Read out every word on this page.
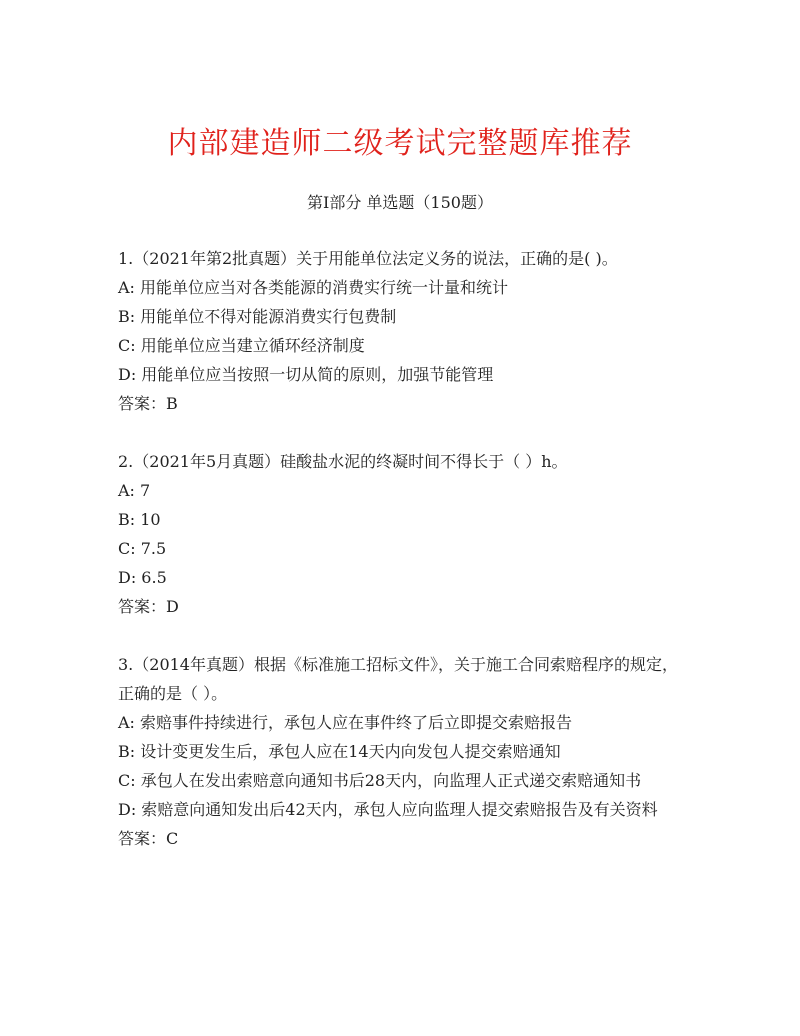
内部建造师二级考试完整题库推荐
第I部分 单选题（150题）

1.（2021年第2批真题）关于用能单位法定义务的说法，正确的是( )。

A: 用能单位应当对各类能源的消费实行统一计量和统计

B: 用能单位不得对能源消费实行包费制

C: 用能单位应当建立循环经济制度

D: 用能单位应当按照一切从简的原则，加强节能管理

答案：B

2.（2021年5月真题）硅酸盐水泥的终凝时间不得长于（ ）h。

A: 7

B: 10

C: 7.5

D: 6.5

答案：D

3.（2014年真题）根据《标准施工招标文件》，关于施工合同索赔程序的规定，正确的是（ ）。

A: 索赔事件持续进行，承包人应在事件终了后立即提交索赔报告

B: 设计变更发生后，承包人应在14天内向发包人提交索赔通知

C: 承包人在发出索赔意向通知书后28天内，向监理人正式递交索赔通知书

D: 索赔意向通知发出后42天内，承包人应向监理人提交索赔报告及有关资料

答案：C
